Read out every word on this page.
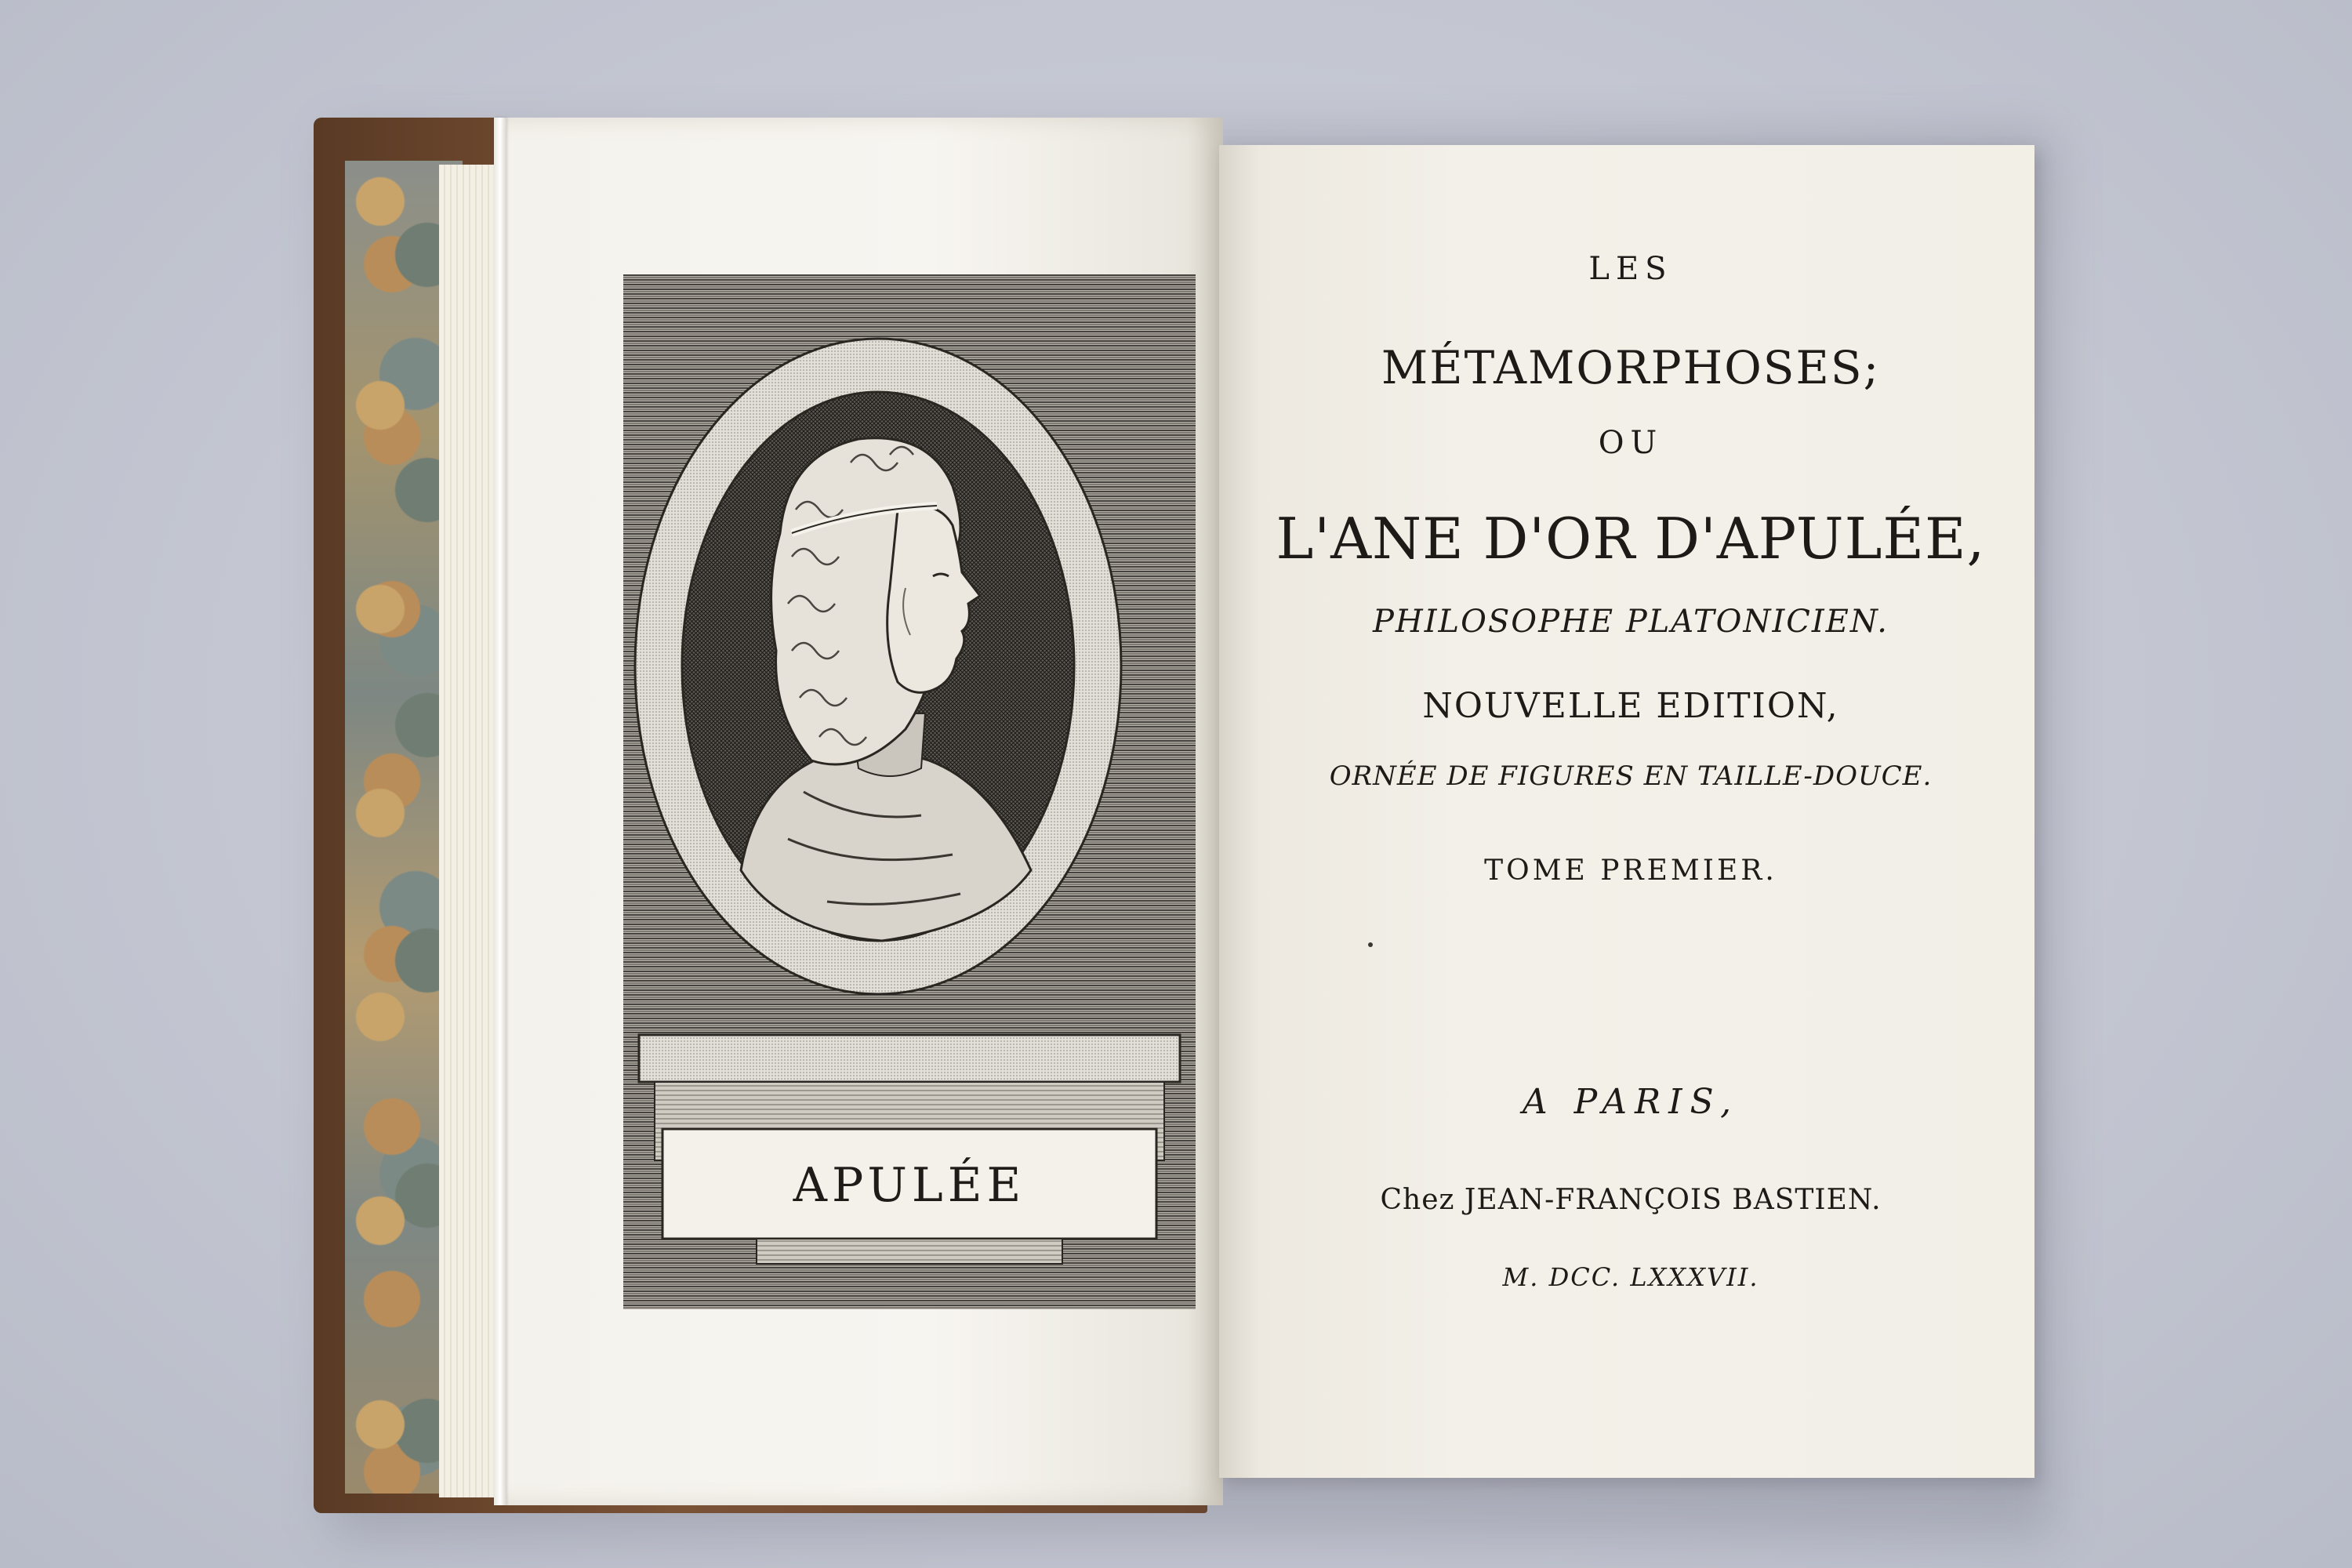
APULÉE
LES
MÉTAMORPHOSES;
OU
L'ANE D'OR D'APULÉE,
PHILOSOPHE PLATONICIEN.
NOUVELLE EDITION,
ORNÉE DE FIGURES EN TAILLE-DOUCE.
TOME PREMIER.
A PARIS,
Chez JEAN-FRANÇOIS BASTIEN.
M. DCC. LXXXVII.
